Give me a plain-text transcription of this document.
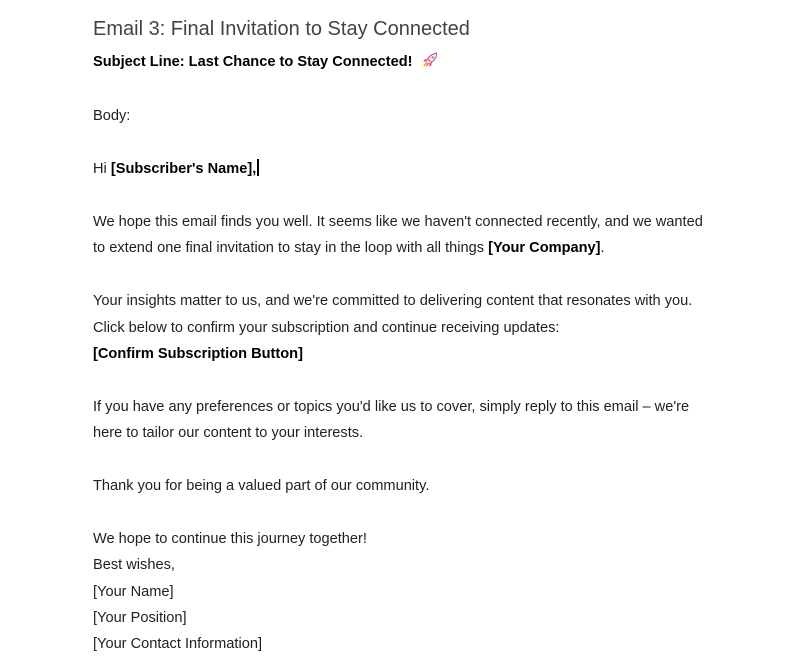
Email 3: Final Invitation to Stay Connected

Subject Line: Last Chance to Stay Connected!

Body:

Hi [Subscriber's Name],

We hope this email finds you well. It seems like we haven't connected recently, and we wanted to extend one final invitation to stay in the loop with all things [Your Company].

Your insights matter to us, and we're committed to delivering content that resonates with you.

Click below to confirm your subscription and continue receiving updates:

[Confirm Subscription Button]

If you have any preferences or topics you'd like us to cover, simply reply to this email – we're here to tailor our content to your interests.

Thank you for being a valued part of our community.

We hope to continue this journey together!

Best wishes,

[Your Name]

[Your Position]

[Your Contact Information]
